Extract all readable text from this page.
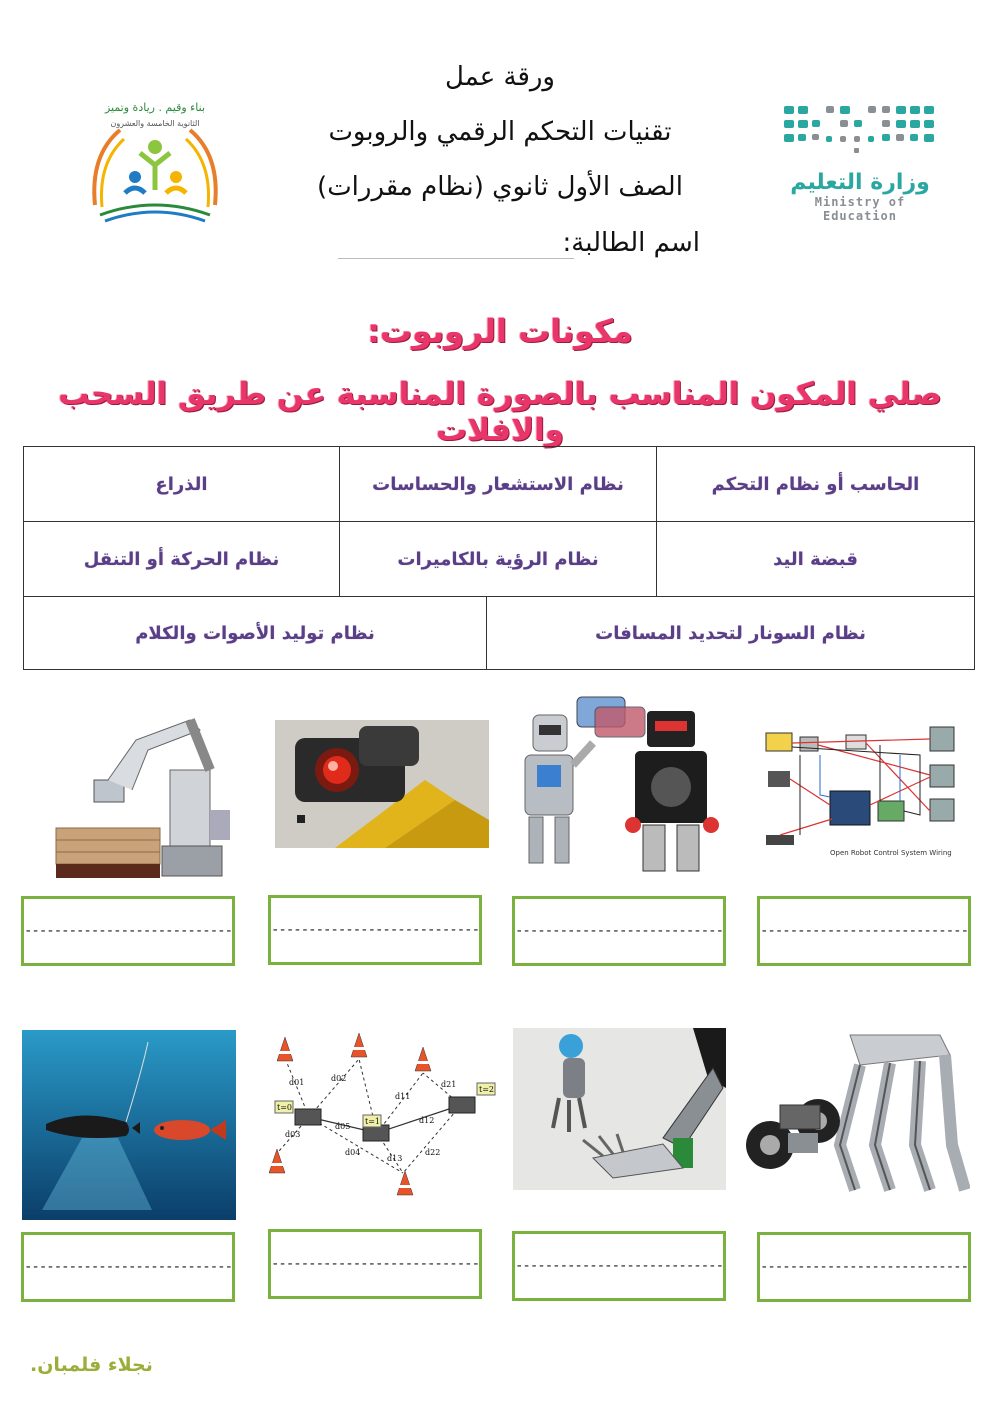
ورقة عمل
تقنيات التحكم الرقمي والروبوت
الصف الأول ثانوي (نظام مقررات)
اسم الطالبة:
وزارة التعليم
Ministry of Education
بناء وقيم . ريادة وتميز
الثانوية الخامسة والعشرون
مكونات الروبوت:
صلي المكون المناسب بالصورة المناسبة عن طريق السحب والافلات
الحاسب أو نظام التحكم
نظام الاستشعار والحساسات
الذراع
قبضة اليد
نظام الرؤية بالكاميرات
نظام الحركة أو التنقل
نظام السونار لتحديد المسافات
نظام توليد الأصوات والكلام
Open Robot Control System Wiring
----------------------------
----------------------------
----------------------------
----------------------------
t=0
t=1
t=2
d01	d02
d03
d04
d05
d11
d12
d13
d21
d22
----------------------------
----------------------------
----------------------------
----------------------------
نجلاء فلمبان.
